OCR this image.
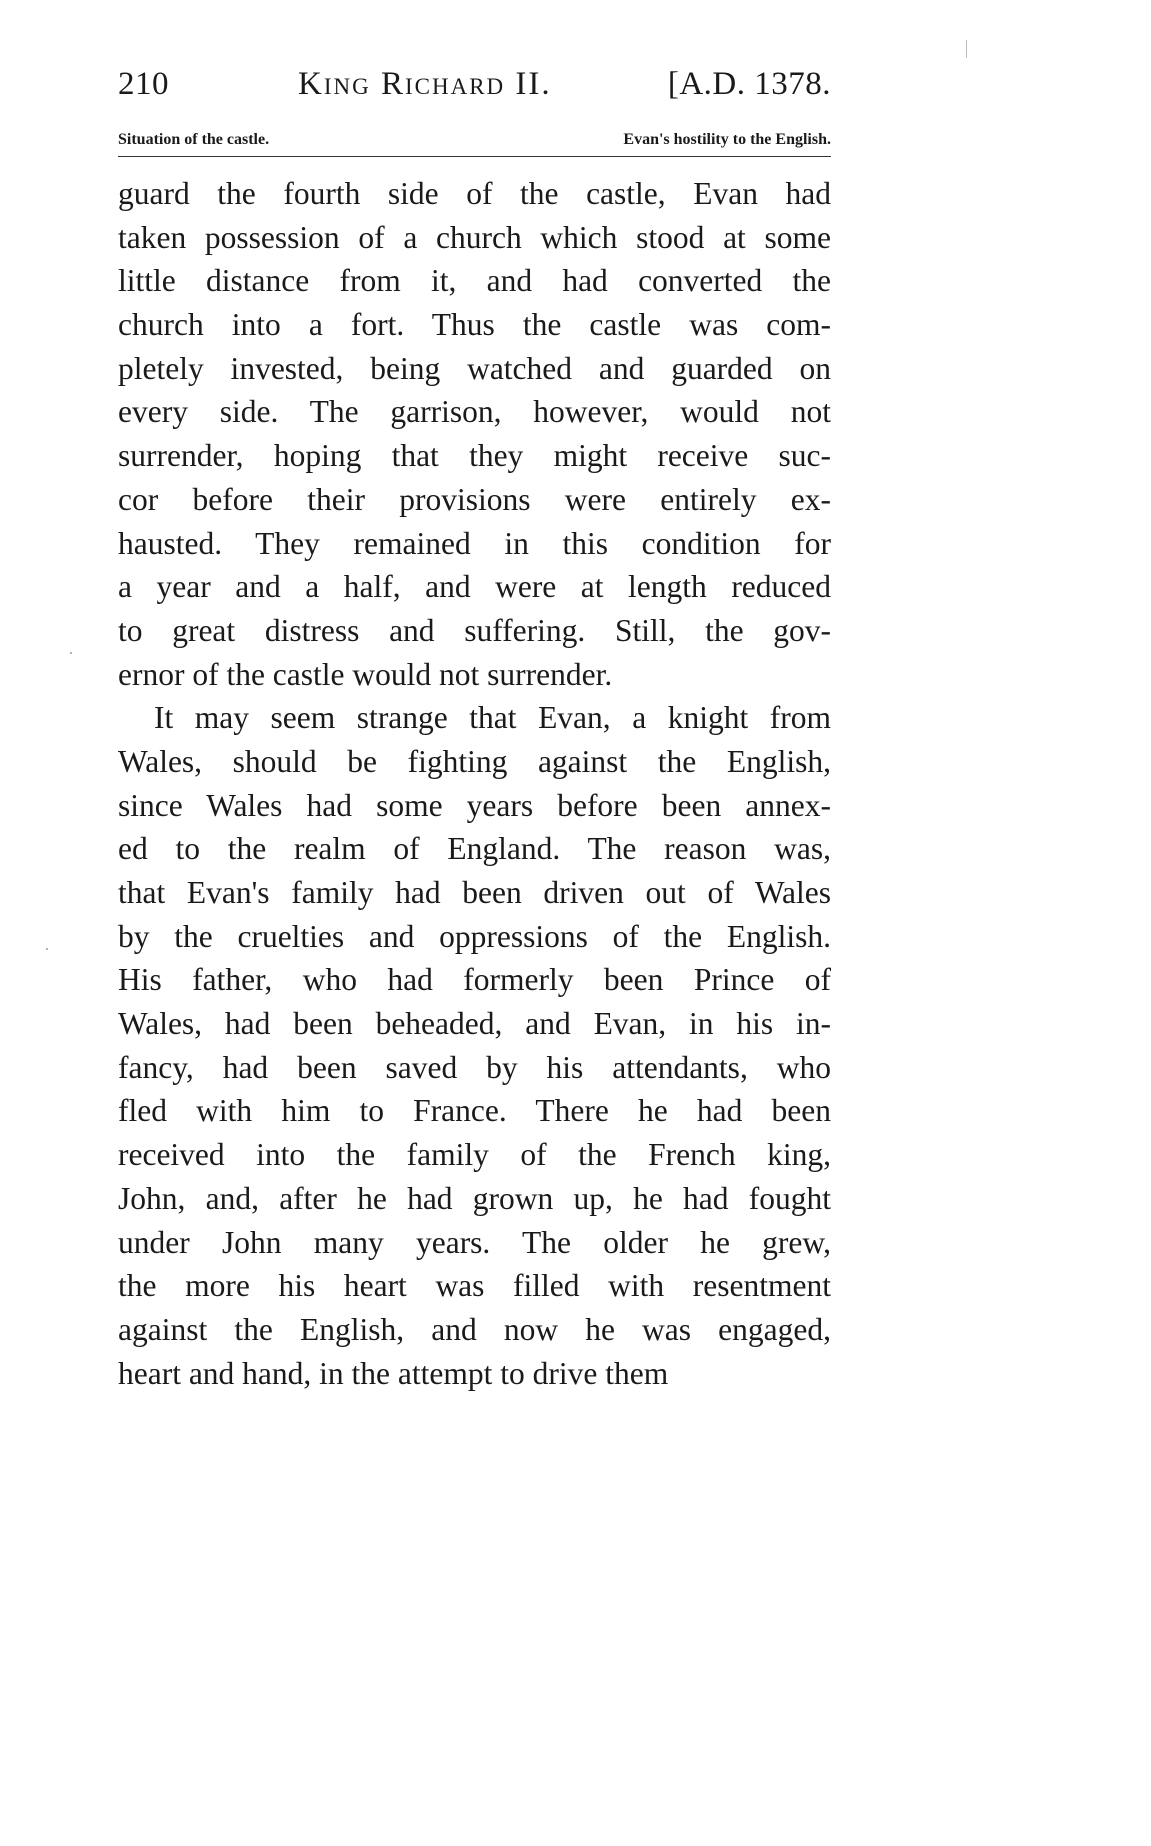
210	King Richard II.	[A.D. 1378.
Situation of the castle.	Evan's hostility to the English.
guard the fourth side of the castle, Evan had
taken possession of a church which stood at some
little distance from it, and had converted the
church into a fort. Thus the castle was com-
pletely invested, being watched and guarded on
every side. The garrison, however, would not
surrender, hoping that they might receive suc-
cor before their provisions were entirely ex-
hausted. They remained in this condition for
a year and a half, and were at length reduced
to great distress and suffering. Still, the gov-
ernor of the castle would not surrender.
It may seem strange that Evan, a knight from
Wales, should be fighting against the English,
since Wales had some years before been annex-
ed to the realm of England. The reason was,
that Evan's family had been driven out of Wales
by the cruelties and oppressions of the English.
His father, who had formerly been Prince of
Wales, had been beheaded, and Evan, in his in-
fancy, had been saved by his attendants, who
fled with him to France. There he had been
received into the family of the French king,
John, and, after he had grown up, he had fought
under John many years. The older he grew,
the more his heart was filled with resentment
against the English, and now he was engaged,
heart and hand, in the attempt to drive them
